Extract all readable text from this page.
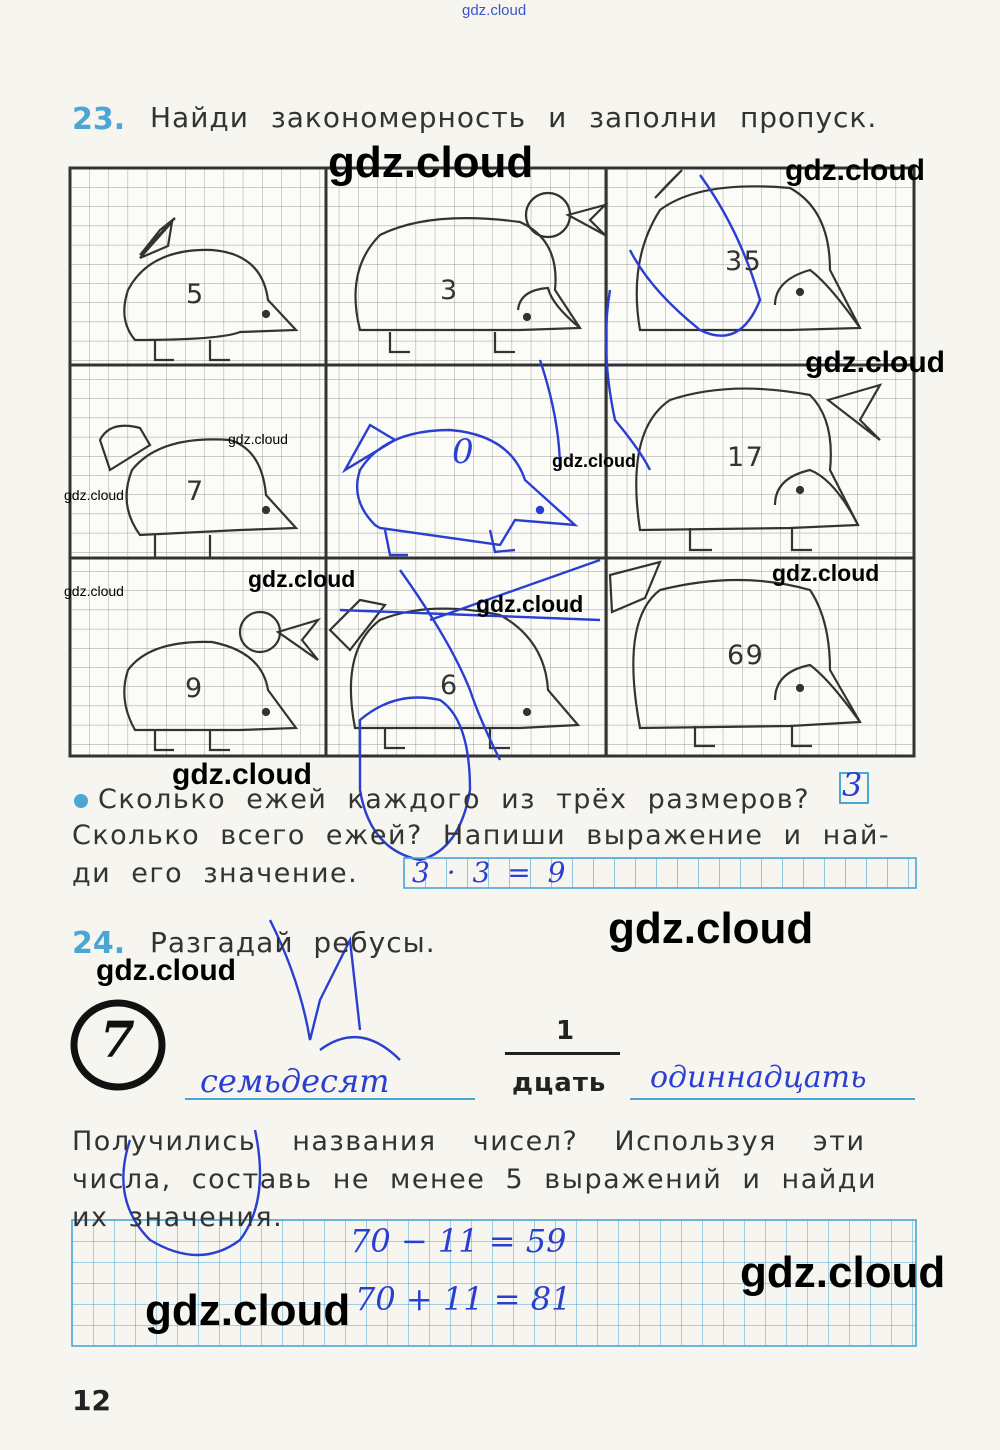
gdz.cloud
23. Найди закономерность и заполни пропуск.
5	3
35
7
0	17
9	6
69
Сколько ежей каждого из трёх размеров? 3
Сколько всего ежей? Напиши выражение и най-
ди его значение. 3 · 3 = 9
24. Разгадай ребусы.
7
семьдесят
1
дцать одиннадцать
Получились названия чисел? Используя эти
числа, составь не менее 5 выражений и найди
их значения.
70 − 11 = 59
70 + 11 = 81
12
gdz.cloud	gdz.cloud
gdz.cloud
gdz.cloud
gdz.cloud
gdz.cloud
gdz.cloud
gdz.cloud
gdz.cloud	gdz.cloud
gdz.cloud
gdz.cloud
gdz.cloud
gdz.cloud
gdz.cloud
